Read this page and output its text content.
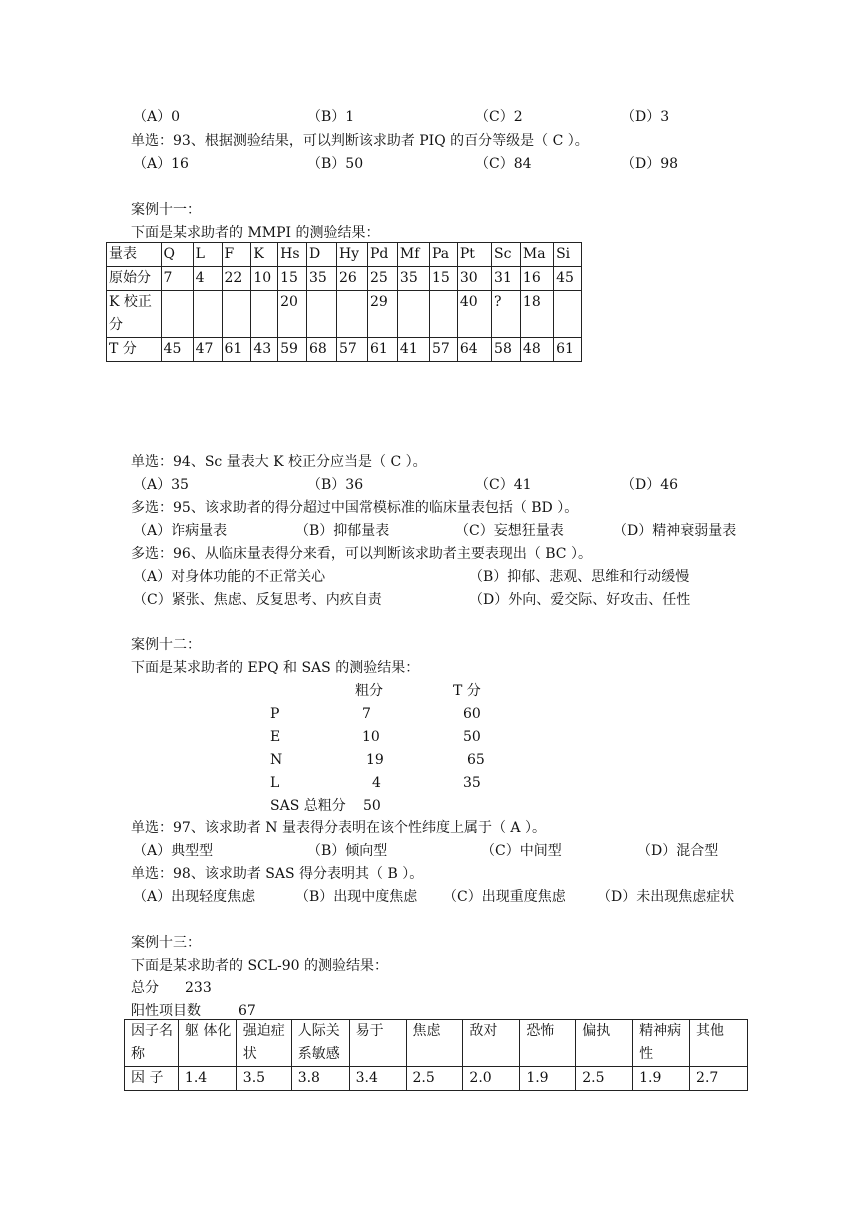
（A）0	（B）1	（C）2	（D）3
单选：93、根据测验结果，可以判断该求助者 PIQ 的百分等级是（ C ）。
（A）16	（B）50	（C）84	（D）98
案例十一：
下面是某求助者的 MMPI 的测验结果：
量表	Q	L	F	K	Hs	D	Hy	Pd	Mf	Pa	Pt	Sc	Ma	Si
原始分	7	4	22	10	15	35	26	25	35	15	30	31	16	45
K 校正分					20			29			40	?	18	
T 分	45	47	61	43	59	68	57	61	41	57	64	58	48	61
单选：94、Sc 量表大 K 校正分应当是（ C ）。
（A）35	（B）36	（C）41	（D）46
多选：95、该求助者的得分超过中国常模标准的临床量表包括（ BD ）。
（A）诈病量表	（B）抑郁量表	（C）妄想狂量表	（D）精神衰弱量表
多选：96、从临床量表得分来看，可以判断该求助者主要表现出（ BC ）。
（A）对身体功能的不正常关心	（B）抑郁、悲观、思维和行动缓慢
（C）紧张、焦虑、反复思考、内疚自责	（D）外向、爱交际、好攻击、任性
案例十二：
下面是某求助者的 EPQ 和 SAS 的测验结果：
粗分	T 分
P	7	60
E	10	50
N	19	65
L	4	35
SAS 总粗分 50
单选：97、该求助者 N 量表得分表明在该个性纬度上属于（ A ）。
（A）典型型	（B）倾向型	（C）中间型	（D）混合型
单选：98、该求助者 SAS 得分表明其（ B ）。
（A）出现轻度焦虑	（B）出现中度焦虑 （C）出现重度焦虑 （D）未出现焦虑症状
案例十三：
下面是某求助者的 SCL-90 的测验结果：
总分 233
阳性项目数	67
因子名称	躯 体化	强迫症状	人际关系敏感	易于	焦虑	敌对	恐怖	偏执	精神病性	其他
因 子	1.4	3.5	3.8	3.4	2.5	2.0	1.9	2.5	1.9	2.7
